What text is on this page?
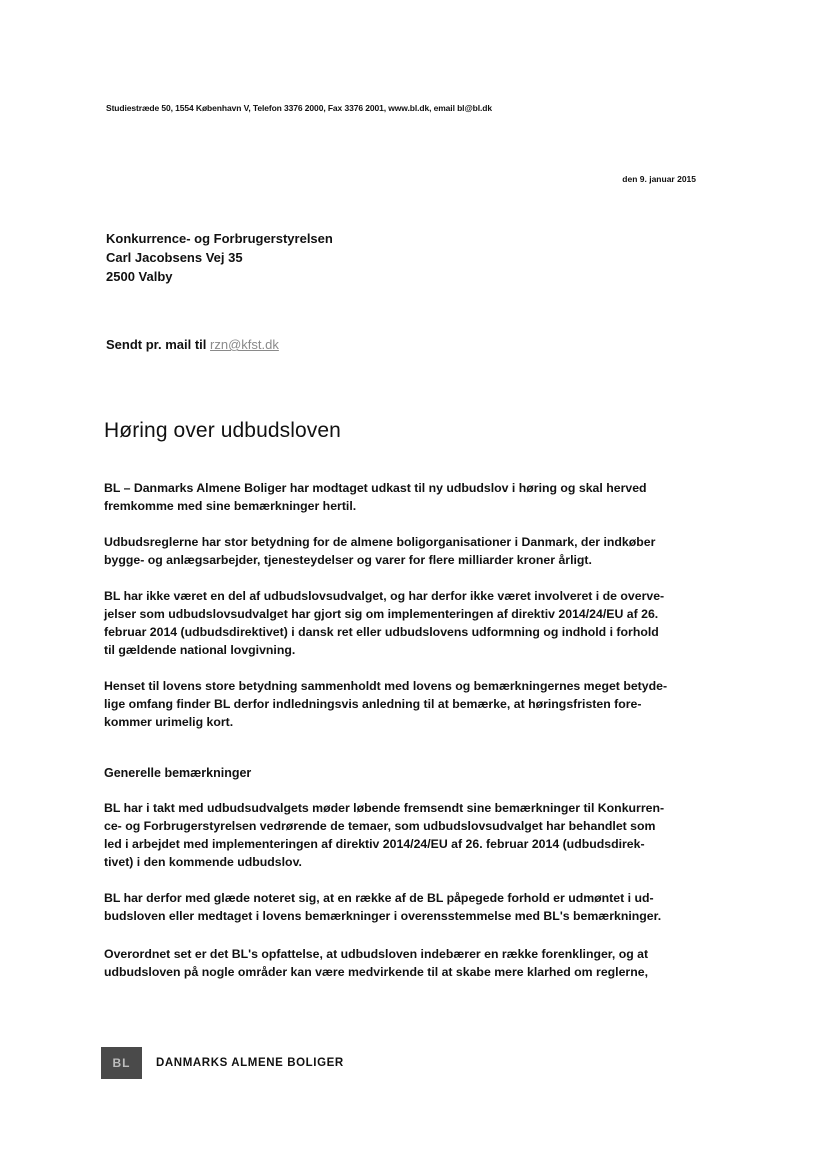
Studiestræde 50, 1554 København V, Telefon 3376 2000, Fax 3376 2001, www.bl.dk, email bl@bl.dk
den 9. januar 2015
Konkurrence- og Forbrugerstyrelsen
Carl Jacobsens Vej 35
2500 Valby
Sendt pr. mail til rzn@kfst.dk
Høring over udbudsloven

BL – Danmarks Almene Boliger har modtaget udkast til ny udbudslov i høring og skal herved
fremkomme med sine bemærkninger hertil.

Udbudsreglerne har stor betydning for de almene boligorganisationer i Danmark, der indkøber
bygge- og anlægsarbejder, tjenesteydelser og varer for flere milliarder kroner årligt.

BL har ikke været en del af udbudslovsudvalget, og har derfor ikke været involveret i de overve-
jelser som udbudslovsudvalget har gjort sig om implementeringen af direktiv 2014/24/EU af 26.
februar 2014 (udbudsdirektivet) i dansk ret eller udbudslovens udformning og indhold i forhold
til gældende national lovgivning.

Henset til lovens store betydning sammenholdt med lovens og bemærkningernes meget betyde-
lige omfang finder BL derfor indledningsvis anledning til at bemærke, at høringsfristen fore-
kommer urimelig kort.

Generelle bemærkninger

BL har i takt med udbudsudvalgets møder løbende fremsendt sine bemærkninger til Konkurren-
ce- og Forbrugerstyrelsen vedrørende de temaer, som udbudslovsudvalget har behandlet som
led i arbejdet med implementeringen af direktiv 2014/24/EU af 26. februar 2014 (udbudsdirek-
tivet) i den kommende udbudslov.

BL har derfor med glæde noteret sig, at en række af de BL påpegede forhold er udmøntet i ud-
budsloven eller medtaget i lovens bemærkninger i overensstemmelse med BL's bemærkninger.

Overordnet set er det BL's opfattelse, at udbudsloven indebærer en række forenklinger, og at
udbudsloven på nogle områder kan være medvirkende til at skabe mere klarhed om reglerne,

BL DANMARKS ALMENE BOLIGER
